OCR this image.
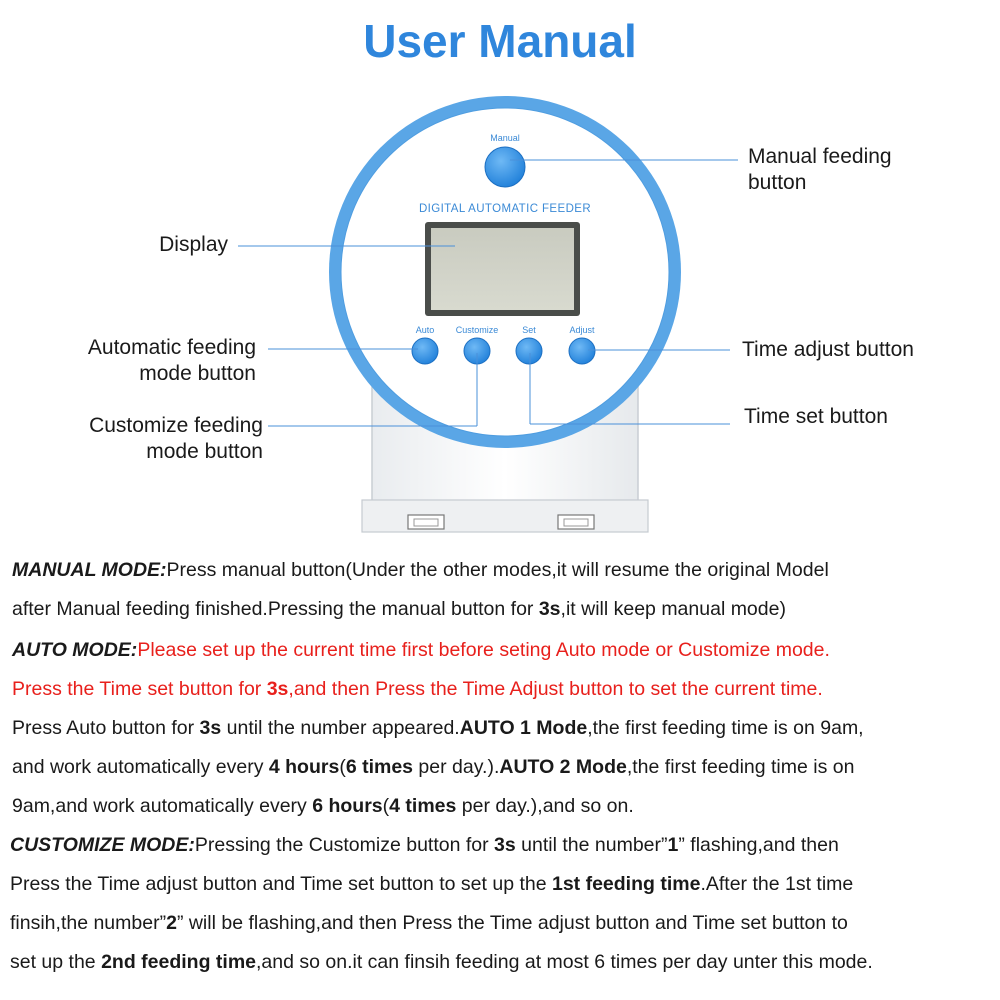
User Manual
DIGITAL AUTOMATIC FEEDER
Manual
Auto Customize	Set	Adjust
Manual feeding
button
Display
Automatic feeding
mode button
Customize feeding
mode button
Time adjust button
Time set button

MANUAL MODE:Press manual button(Under the other modes,it will resume the original Model

after Manual feeding finished.Pressing the manual button for 3s,it will keep manual mode)

AUTO MODE:Please set up the current time first before seting Auto mode or Customize mode.

Press the Time set button for 3s,and then Press the Time Adjust button to set the current time.

Press Auto button for 3s until the number appeared.AUTO 1 Mode,the first feeding time is on 9am,

and work automatically every 4 hours(6 times per day.).AUTO 2 Mode,the first feeding time is on

9am,and work automatically every 6 hours(4 times per day.),and so on.

CUSTOMIZE MODE:Pressing the Customize button for 3s until the number”1” flashing,and then

Press the Time adjust button and Time set button to set up the 1st feeding time.After the 1st time

finsih,the number”2” will be flashing,and then Press the Time adjust button and Time set button to

set up the 2nd feeding time,and so on.it can finsih feeding at most 6 times per day unter this mode.
